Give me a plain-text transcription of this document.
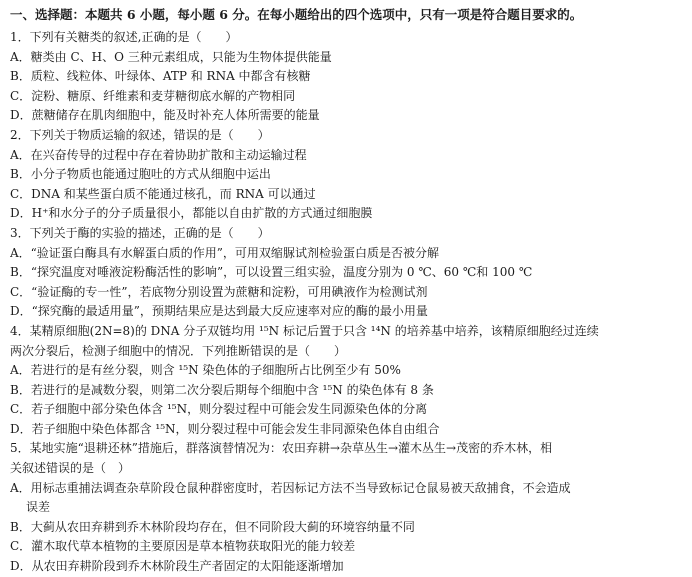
一、选择题：本题共 6 小题，每小题 6 分。在每小题给出的四个选项中，只有一项是符合题目要求的。
1．下列有关糖类的叙述,正确的是（　　）
A．糖类由 C、H、O 三种元素组成，只能为生物体提供能量
B．质粒、线粒体、叶绿体、ATP 和 RNA 中都含有核糖
C．淀粉、糖原、纤维素和麦芽糖彻底水解的产物相同
D．蔗糖储存在肌肉细胞中，能及时补充人体所需要的能量
2．下列关于物质运输的叙述，错误的是（　　）
A．在兴奋传导的过程中存在着协助扩散和主动运输过程
B．小分子物质也能通过胞吐的方式从细胞中运出
C．DNA 和某些蛋白质不能通过核孔，而 RNA 可以通过
D．H⁺和水分子的分子质量很小，都能以自由扩散的方式通过细胞膜
3．下列关于酶的实验的描述，正确的是（　　）
A．“验证蛋白酶具有水解蛋白质的作用”，可用双缩脲试剂检验蛋白质是否被分解
B．“探究温度对唾液淀粉酶活性的影响”，可以设置三组实验，温度分别为 0 ℃、60 ℃和 100 ℃
C．“验证酶的专一性”，若底物分别设置为蔗糖和淀粉，可用碘液作为检测试剂
D．“探究酶的最适用量”，预期结果应是达到最大反应速率对应的酶的最小用量
4．某精原细胞(2N=8)的 DNA 分子双链均用 ¹⁵N 标记后置于只含 ¹⁴N 的培养基中培养，该精原细胞经过连续
两次分裂后，检测子细胞中的情况．下列推断错误的是（　　）
A．若进行的是有丝分裂，则含 ¹⁵N 染色体的子细胞所占比例至少有 50%
B．若进行的是减数分裂，则第二次分裂后期每个细胞中含 ¹⁵N 的染色体有 8 条
C．若子细胞中部分染色体含 ¹⁵N，则分裂过程中可能会发生同源染色体的分离
D．若子细胞中染色体都含 ¹⁵N，则分裂过程中可能会发生非同源染色体自由组合
5．某地实施“退耕还林”措施后，群落演替情况为：农田弃耕→杂草丛生→灌木丛生→茂密的乔木林，相
关叙述错误的是（　）
A．用标志重捕法调查杂草阶段仓鼠种群密度时，若因标记方法不当导致标记仓鼠易被天敌捕食，不会造成
误差
B．大蓟从农田弃耕到乔木林阶段均存在，但不同阶段大蓟的环境容纳量不同
C．灌木取代草本植物的主要原因是草本植物获取阳光的能力较差
D．从农田弃耕阶段到乔木林阶段生产者固定的太阳能逐渐增加
